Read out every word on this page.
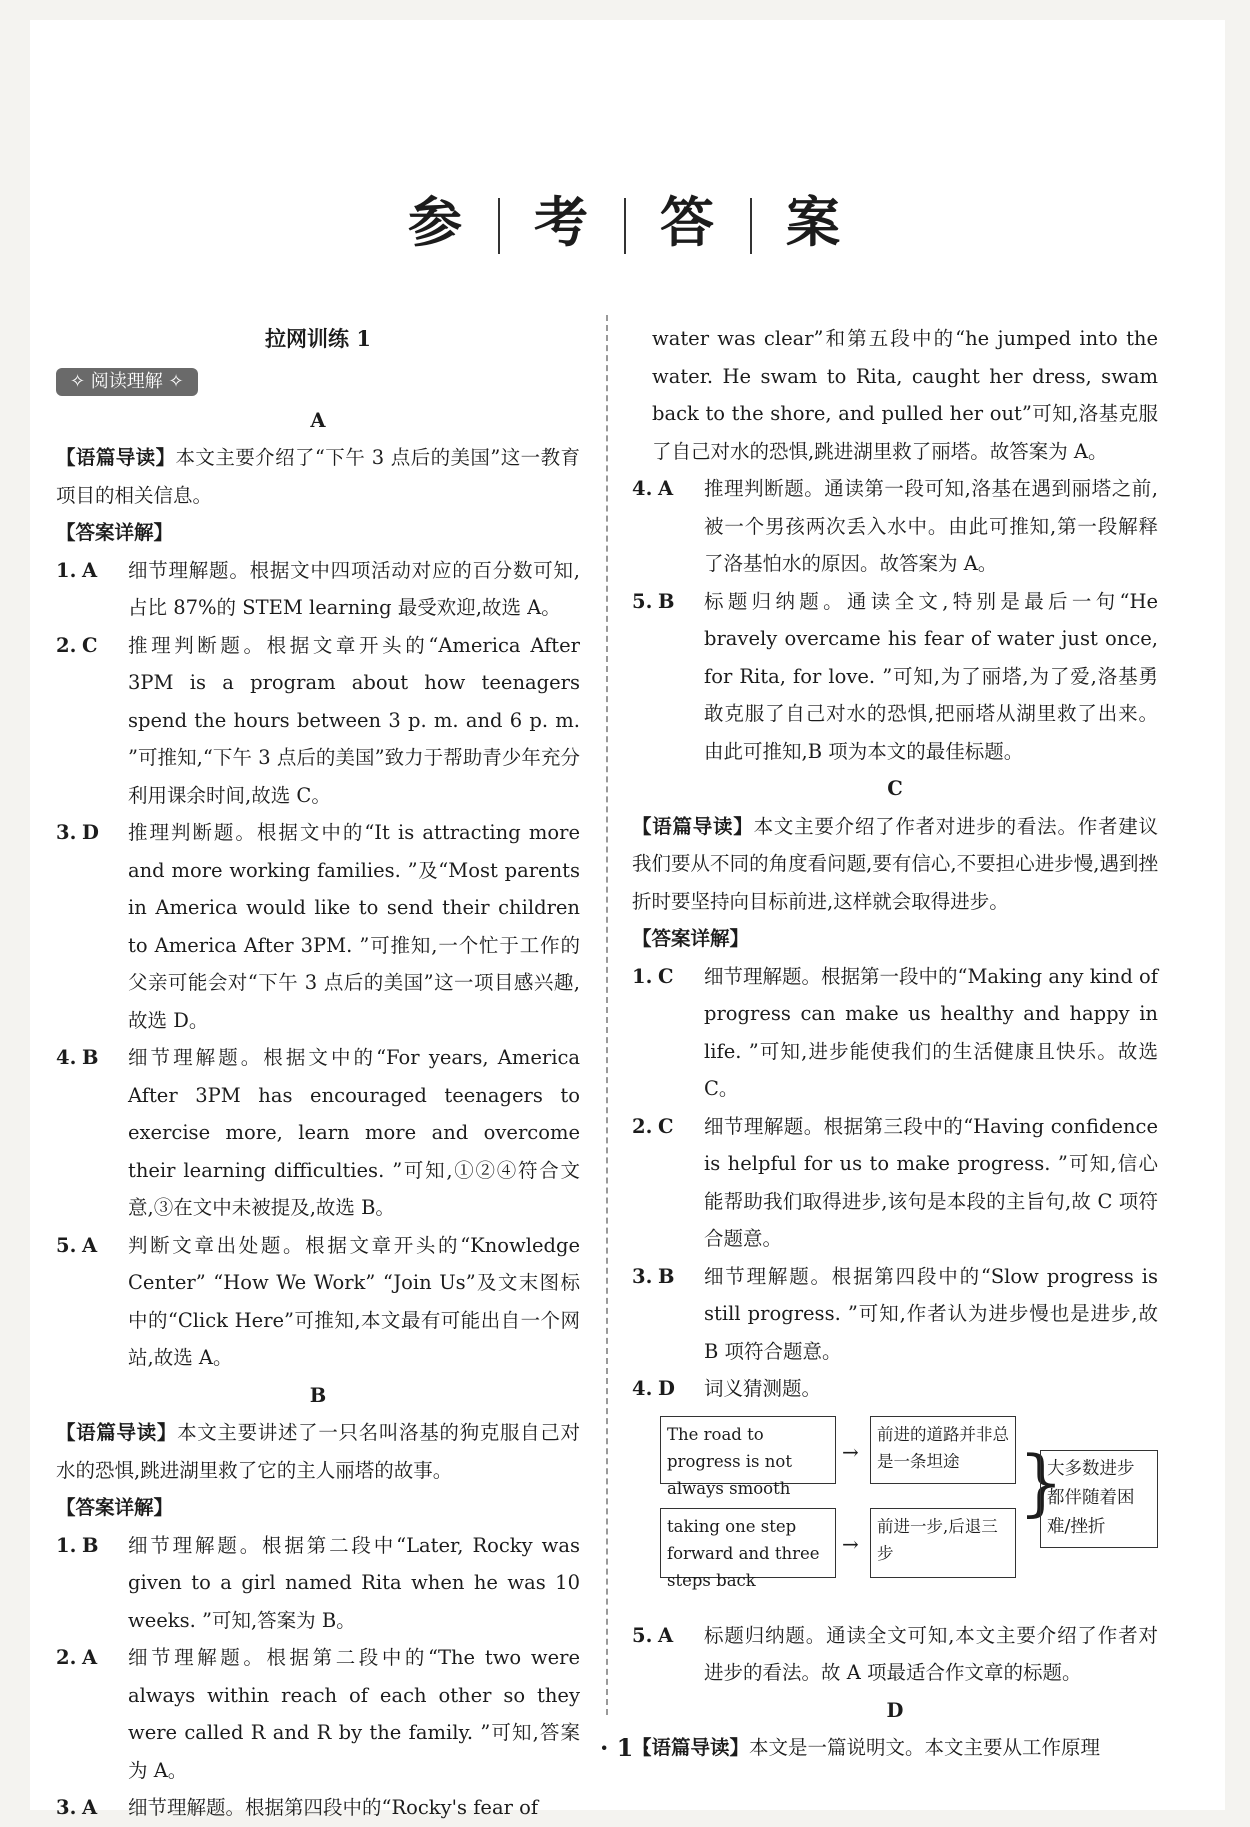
参 考 答 案
拉网训练 1
✧ 阅读理解 ✧
A
【语篇导读】本文主要介绍了“下午 3 点后的美国”这一教育项目的相关信息。
【答案详解】
1. A	细节理解题。根据文中四项活动对应的百分数可知,占比 87%的 STEM learning 最受欢迎,故选 A。
2. C	推理判断题。根据文章开头的“America After 3PM is a program about how teenagers spend the hours between 3 p. m. and 6 p. m. ”可推知,“下午 3 点后的美国”致力于帮助青少年充分利用课余时间,故选 C。
3. D	推理判断题。根据文中的“It is attracting more and more working families. ”及“Most parents in America would like to send their children to America After 3PM. ”可推知,一个忙于工作的父亲可能会对“下午 3 点后的美国”这一项目感兴趣,故选 D。
4. B	细节理解题。根据文中的“For years, America After 3PM has encouraged teenagers to exercise more, learn more and overcome their learning difficulties. ”可知,①②④符合文意,③在文中未被提及,故选 B。
5. A	判断文章出处题。根据文章开头的“Knowledge Center” “How We Work” “Join Us”及文末图标中的“Click Here”可推知,本文最有可能出自一个网站,故选 A。
B
【语篇导读】本文主要讲述了一只名叫洛基的狗克服自己对水的恐惧,跳进湖里救了它的主人丽塔的故事。
【答案详解】
1. B	细节理解题。根据第二段中“Later, Rocky was given to a girl named Rita when he was 10 weeks. ”可知,答案为 B。
2. A	细节理解题。根据第二段中的“The two were always within reach of each other so they were called R and R by the family. ”可知,答案为 A。
3. A	细节理解题。根据第四段中的“Rocky's fear of
water was clear”和第五段中的“he jumped into the water. He swam to Rita, caught her dress, swam back to the shore, and pulled her out”可知,洛基克服了自己对水的恐惧,跳进湖里救了丽塔。故答案为 A。
4. A	推理判断题。通读第一段可知,洛基在遇到丽塔之前,被一个男孩两次丢入水中。由此可推知,第一段解释了洛基怕水的原因。故答案为 A。
5. B	标题归纳题。通读全文,特别是最后一句“He bravely overcame his fear of water just once, for Rita, for love. ”可知,为了丽塔,为了爱,洛基勇敢克服了自己对水的恐惧,把丽塔从湖里救了出来。由此可推知,B 项为本文的最佳标题。
C
【语篇导读】本文主要介绍了作者对进步的看法。作者建议我们要从不同的角度看问题,要有信心,不要担心进步慢,遇到挫折时要坚持向目标前进,这样就会取得进步。
【答案详解】
1. C	细节理解题。根据第一段中的“Making any kind of progress can make us healthy and happy in life. ”可知,进步能使我们的生活健康且快乐。故选 C。
2. C	细节理解题。根据第三段中的“Having confidence is helpful for us to make progress. ”可知,信心能帮助我们取得进步,该句是本段的主旨句,故 C 项符合题意。
3. B	细节理解题。根据第四段中的“Slow progress is still progress. ”可知,作者认为进步慢也是进步,故 B 项符合题意。
4. D	词义猜测题。
The road to progress is not always smooth
→
前进的道路并非总是一条坦途
taking one step forward and three steps back
→
前进一步,后退三步
}
大多数进步都伴随着困难/挫折
5. A	标题归纳题。通读全文可知,本文主要介绍了作者对进步的看法。故 A 项最适合作文章的标题。
D
【语篇导读】本文是一篇说明文。本文主要从工作原理
· 1 ·
